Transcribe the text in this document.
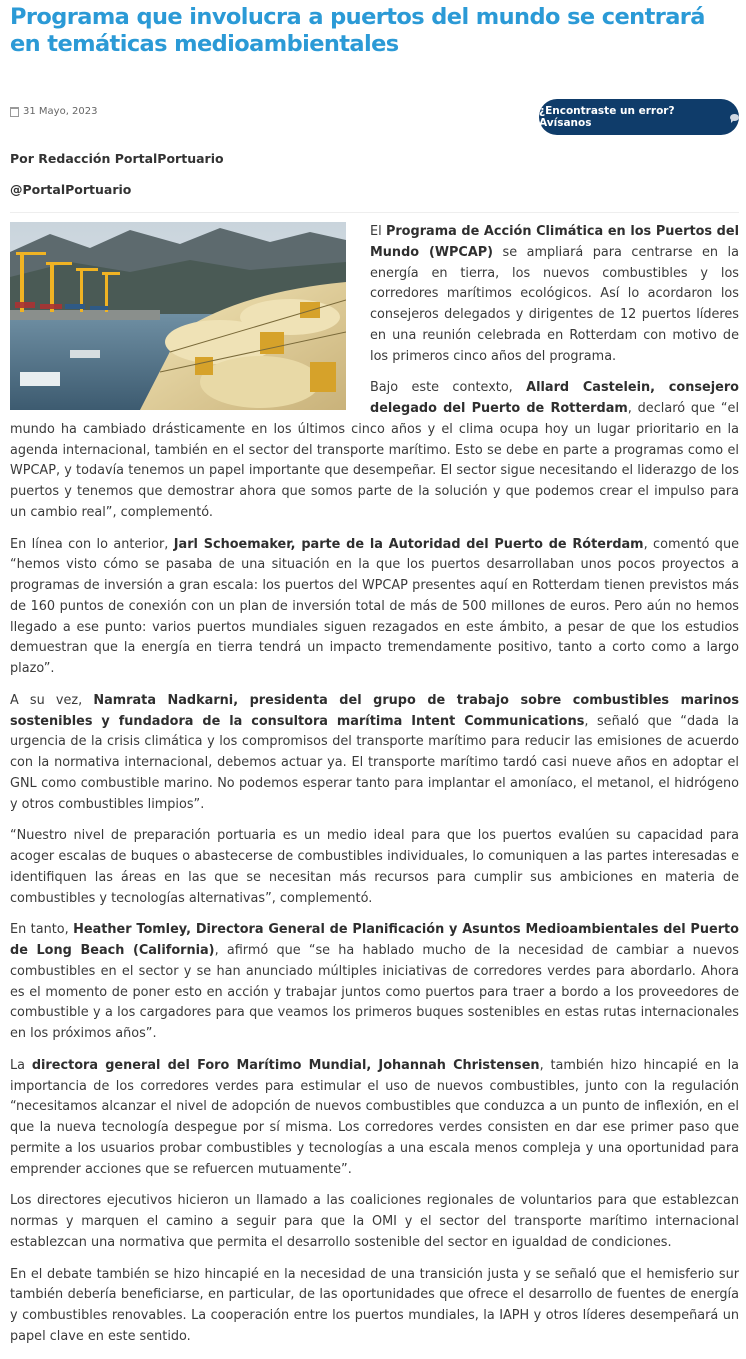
Programa que involucra a puertos del mundo se centrará en temáticas medioambientales
31 Mayo, 2023	¿Encontraste un error? Avísanos
Por Redacción PortalPortuario
@PortalPortuario

El Programa de Acción Climática en los Puertos del Mundo (WPCAP) se ampliará para centrarse en la energía en tierra, los nuevos combustibles y los corredores marítimos ecológicos. Así lo acordaron los consejeros delegados y dirigentes de 12 puertos líderes en una reunión celebrada en Rotterdam con motivo de los primeros cinco años del programa.

Bajo este contexto, Allard Castelein, consejero delegado del Puerto de Rotterdam, declaró que “el mundo ha cambiado drásticamente en los últimos cinco años y el clima ocupa hoy un lugar prioritario en la agenda internacional, también en el sector del transporte marítimo. Esto se debe en parte a programas como el WPCAP, y todavía tenemos un papel importante que desempeñar. El sector sigue necesitando el liderazgo de los puertos y tenemos que demostrar ahora que somos parte de la solución y que podemos crear el impulso para un cambio real”, complementó.

En línea con lo anterior, Jarl Schoemaker, parte de la Autoridad del Puerto de Róterdam, comentó que “hemos visto cómo se pasaba de una situación en la que los puertos desarrollaban unos pocos proyectos a programas de inversión a gran escala: los puertos del WPCAP presentes aquí en Rotterdam tienen previstos más de 160 puntos de conexión con un plan de inversión total de más de 500 millones de euros. Pero aún no hemos llegado a ese punto: varios puertos mundiales siguen rezagados en este ámbito, a pesar de que los estudios demuestran que la energía en tierra tendrá un impacto tremendamente positivo, tanto a corto como a largo plazo”.

A su vez, Namrata Nadkarni, presidenta del grupo de trabajo sobre combustibles marinos sostenibles y fundadora de la consultora marítima Intent Communications, señaló que “dada la urgencia de la crisis climática y los compromisos del transporte marítimo para reducir las emisiones de acuerdo con la normativa internacional, debemos actuar ya. El transporte marítimo tardó casi nueve años en adoptar el GNL como combustible marino. No podemos esperar tanto para implantar el amoníaco, el metanol, el hidrógeno y otros combustibles limpios”.

“Nuestro nivel de preparación portuaria es un medio ideal para que los puertos evalúen su capacidad para acoger escalas de buques o abastecerse de combustibles individuales, lo comuniquen a las partes interesadas e identifiquen las áreas en las que se necesitan más recursos para cumplir sus ambiciones en materia de combustibles y tecnologías alternativas”, complementó.

En tanto, Heather Tomley, Directora General de Planificación y Asuntos Medioambientales del Puerto de Long Beach (California), afirmó que “se ha hablado mucho de la necesidad de cambiar a nuevos combustibles en el sector y se han anunciado múltiples iniciativas de corredores verdes para abordarlo. Ahora es el momento de poner esto en acción y trabajar juntos como puertos para traer a bordo a los proveedores de combustible y a los cargadores para que veamos los primeros buques sostenibles en estas rutas internacionales en los próximos años”.

La directora general del Foro Marítimo Mundial, Johannah Christensen, también hizo hincapié en la importancia de los corredores verdes para estimular el uso de nuevos combustibles, junto con la regulación “necesitamos alcanzar el nivel de adopción de nuevos combustibles que conduzca a un punto de inflexión, en el que la nueva tecnología despegue por sí misma. Los corredores verdes consisten en dar ese primer paso que permite a los usuarios probar combustibles y tecnologías a una escala menos compleja y una oportunidad para emprender acciones que se refuercen mutuamente”.

Los directores ejecutivos hicieron un llamado a las coaliciones regionales de voluntarios para que establezcan normas y marquen el camino a seguir para que la OMI y el sector del transporte marítimo internacional establezcan una normativa que permita el desarrollo sostenible del sector en igualdad de condiciones.

En el debate también se hizo hincapié en la necesidad de una transición justa y se señaló que el hemisferio sur también debería beneficiarse, en particular, de las oportunidades que ofrece el desarrollo de fuentes de energía y combustibles renovables. La cooperación entre los puertos mundiales, la IAPH y otros líderes desempeñará un papel clave en este sentido.
